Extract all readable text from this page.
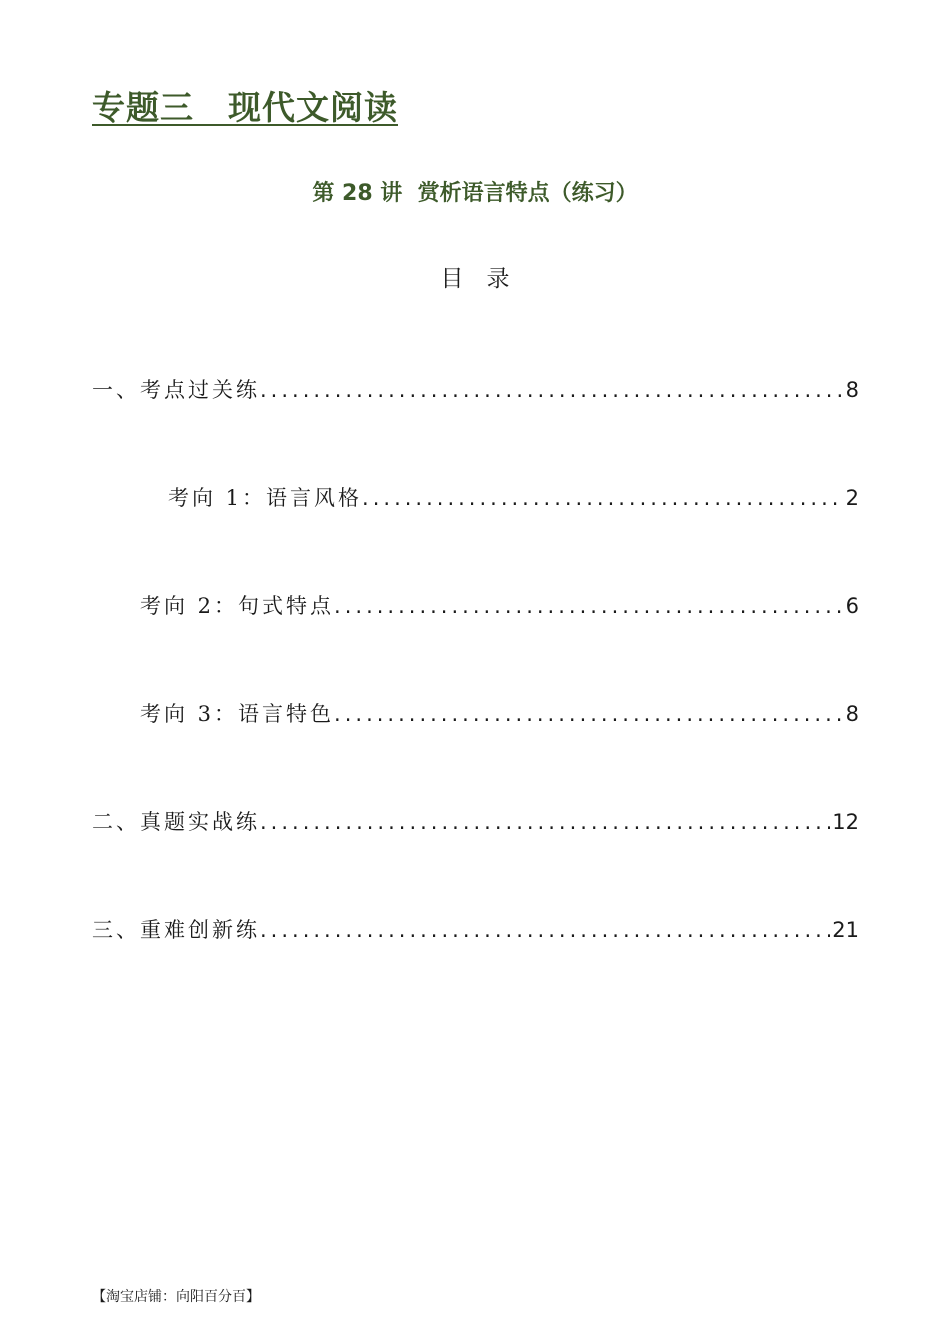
专题三　现代文阅读
第 28 讲  赏析语言特点（练习）
目　录
一、考点过关练 .....	8
考向 1：语言风格 .....	2
考向 2：句式特点 .....	6
考向 3：语言特色 .....	8
二、真题实战练 .....	12
三、重难创新练 .....	21
【淘宝店铺：向阳百分百】
